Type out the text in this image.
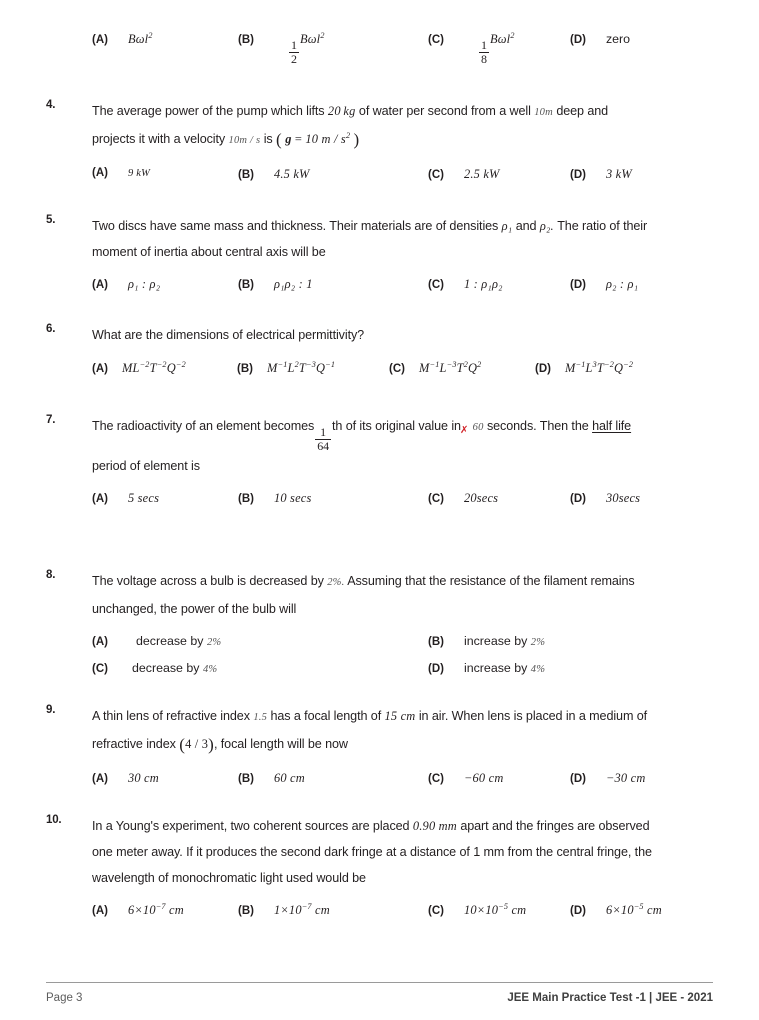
(A)	Bωl$^2$	(B)	$\frac{1}{2} B\omega l^2$	(C)	$\frac{1}{8} B\omega l^2$	(D)	zero
4.	The average power of the pump which lifts 20 kg of water per second from a well 10m deep and
projects it with a velocity 10m / s is ( g = 10 m / $s^2$ )
(A)	9 kW	(B)	4.5 kW	(C)	2.5 kW	(D)	3 kW
5.	Two discs have same mass and thickness. Their materials are of densities ρ₁ and ρ₂. The ratio of their
moment of inertia about central axis will be
(A)	ρ₁ : ρ₂	(B)	ρ₁ρ₂ : 1	(C)	1 : ρ₁ρ₂	(D)	ρ₂ : ρ₁
6.	What are the dimensions of electrical permittivity?
(A)	$ML^{-2}T^{-2}Q^{-2}$	(B)	$M^{-1}L^2T^{-3}Q^{-1}$	(C)	$M^{-1}L^{-3}T^2Q^2$	(D)	$M^{-1}L^3T^{-2}Q^{-2}$
7.	The radioactivity of an element becomes $\frac{1}{64}$ th of its original value $in_✗$ 60 seconds. Then the half life
period of element is
(A)	5 secs	(B)	10 secs	(C)	20secs	(D)	30secs
8.	The voltage across a bulb is decreased by 2%. Assuming that the resistance of the filament remains
unchanged, the power of the bulb will
(A)	decrease by 2%	(B)	increase by 2%
(C)	decrease by 4%	(D)	increase by 4%
9.	A thin lens of refractive index 1.5 has a focal length of 15 cm in air. When lens is placed in a medium of
refractive index (4 / 3), focal length will be now
(A)	30 cm	(B)	60 cm	(C)	−60 cm	(D)	−30 cm
10.	In a Young's experiment, two coherent sources are placed 0.90 mm apart and the fringes are observed
one meter away. If it produces the second dark fringe at a distance of 1 mm from the central fringe, the
wavelength of monochromatic light used would be
(A)	$6\times 10^{-7}$ cm	(B)	$1\times 10^{-7}$ cm	(C)	$10\times 10^{-5}$ cm	(D)	$6\times 10^{-5}$ cm
Page 3	JEE Main Practice Test -1 | JEE - 2021
